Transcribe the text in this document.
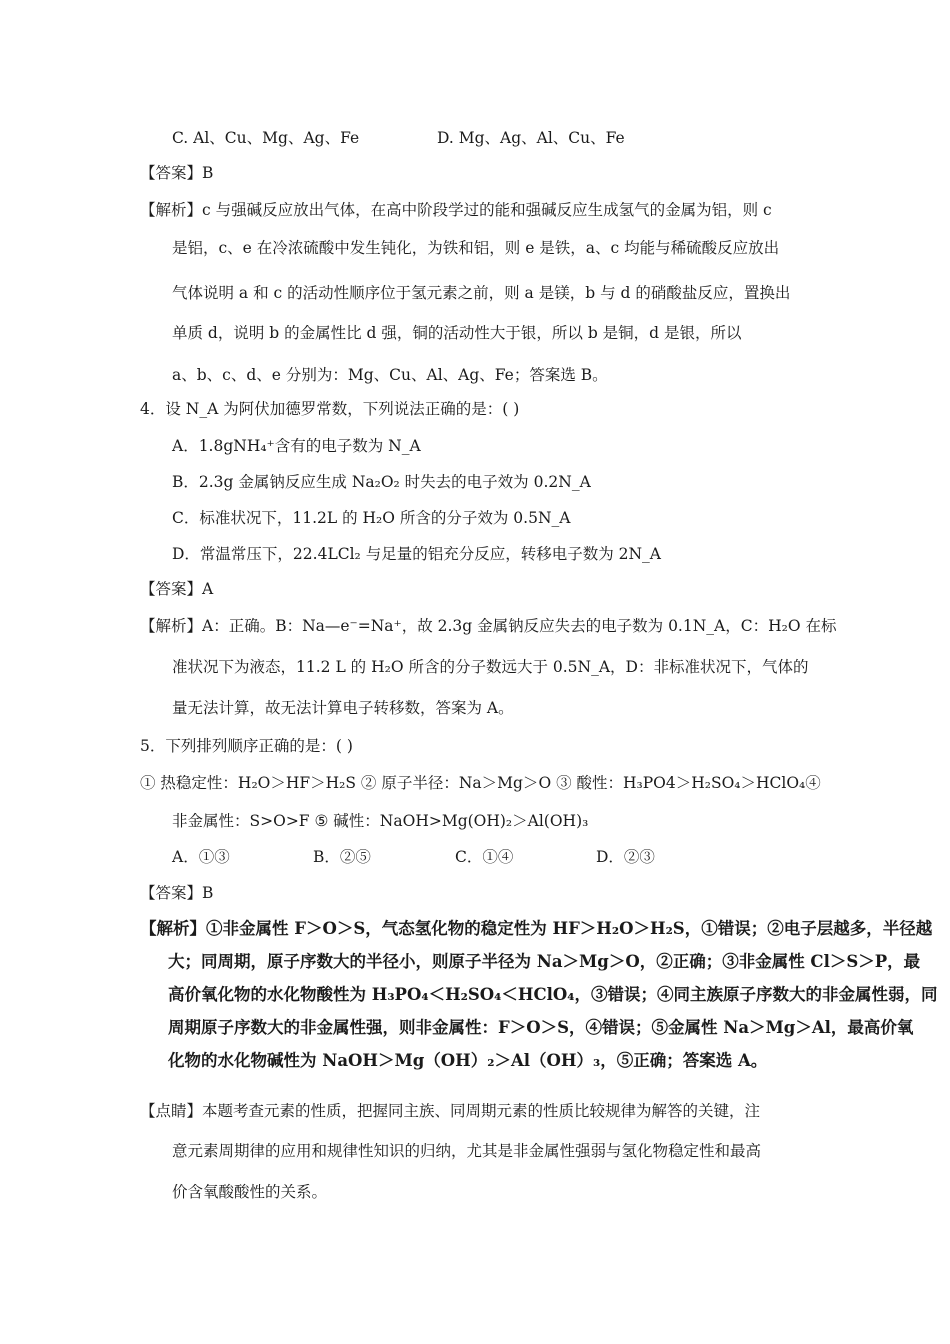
C. Al、Cu、Mg、Ag、Fe	D. Mg、Ag、Al、Cu、Fe
【答案】B
【解析】c 与强碱反应放出气体，在高中阶段学过的能和强碱反应生成氢气的金属为铝，则 c
是铝，c、e 在冷浓硫酸中发生钝化，为铁和铝，则 e 是铁，a、c 均能与稀硫酸反应放出
气体说明 a 和 c 的活动性顺序位于氢元素之前，则 a 是镁，b 与 d 的硝酸盐反应，置换出
单质 d，说明 b 的金属性比 d 强，铜的活动性大于银，所以 b 是铜，d 是银，所以
a、b、c、d、e 分别为：Mg、Cu、Al、Ag、Fe；答案选 B。
4．设 N_A 为阿伏加德罗常数，下列说法正确的是：( )
A．1.8gNH₄⁺含有的电子数为 N_A
B．2.3g 金属钠反应生成 Na₂O₂ 时失去的电子效为 0.2N_A
C．标准状况下，11.2L 的 H₂O 所含的分子效为 0.5N_A
D．常温常压下，22.4LCl₂ 与足量的铝充分反应，转移电子数为 2N_A
【答案】A
【解析】A：正确。B：Na—e⁻=Na⁺，故 2.3g 金属钠反应失去的电子数为 0.1N_A，C：H₂O 在标
准状况下为液态，11.2 L 的 H₂O 所含的分子数远大于 0.5N_A，D：非标准状况下，气体的
量无法计算，故无法计算电子转移数，答案为 A。
5．下列排列顺序正确的是：( )
① 热稳定性：H₂O＞HF＞H₂S ② 原子半径：Na＞Mg＞O ③ 酸性：H₃PO4＞H₂SO₄＞HClO₄④
非金属性：S>O>F ⑤ 碱性：NaOH>Mg(OH)₂＞Al(OH)₃
A．①③	B．②⑤	C．①④	D．②③
【答案】B
【解析】①非金属性 F＞O＞S，气态氢化物的稳定性为 HF＞H₂O＞H₂S，①错误；②电子层越多，半径越
大；同周期，原子序数大的半径小，则原子半径为 Na＞Mg＞O，②正确；③非金属性 Cl＞S＞P，最
高价氧化物的水化物酸性为 H₃PO₄＜H₂SO₄＜HClO₄，③错误；④同主族原子序数大的非金属性弱，同
周期原子序数大的非金属性强，则非金属性：F＞O＞S，④错误；⑤金属性 Na＞Mg＞Al，最高价氧
化物的水化物碱性为 NaOH＞Mg（OH）₂＞Al（OH）₃，⑤正确；答案选 A。
【点睛】本题考查元素的性质，把握同主族、同周期元素的性质比较规律为解答的关键，注
意元素周期律的应用和规律性知识的归纳，尤其是非金属性强弱与氢化物稳定性和最高
价含氧酸酸性的关系。
